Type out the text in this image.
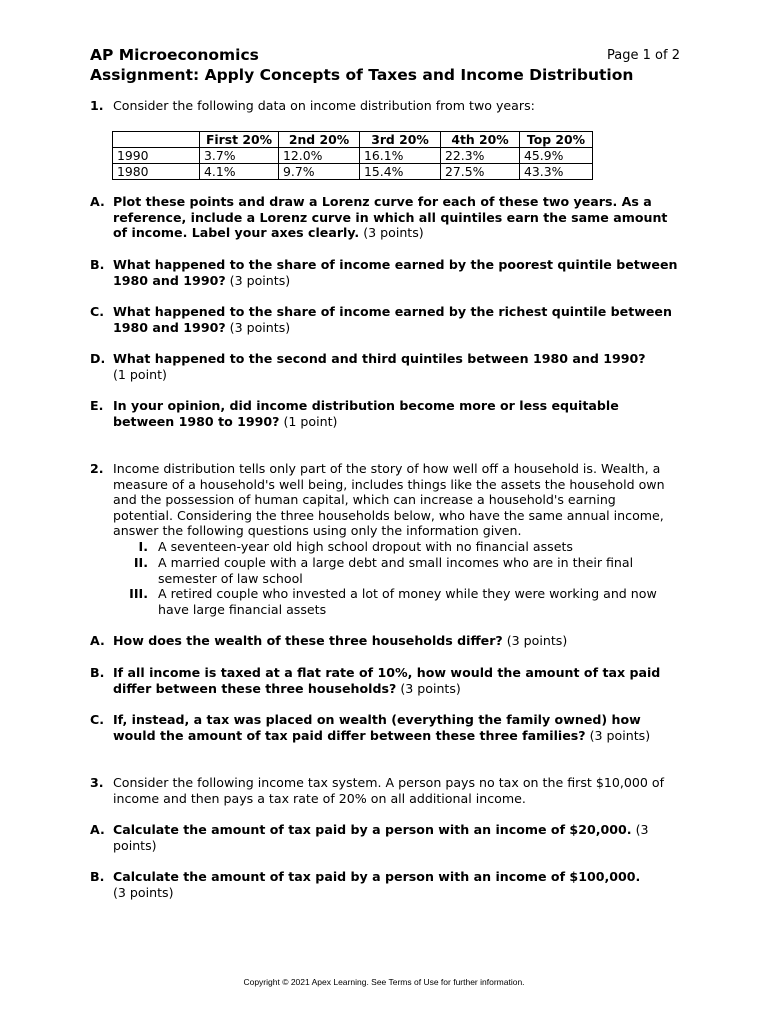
AP Microeconomics	Page 1 of 2
Assignment: Apply Concepts of Taxes and Income Distribution
1. Consider the following data on income distribution from two years:
	First 20%	2nd 20%	3rd 20%	4th 20%	Top 20%
1990	3.7%	12.0%	16.1%	22.3%	45.9%
1980	4.1%	9.7%	15.4%	27.5%	43.3%
A. Plot these points and draw a Lorenz curve for each of these two years. As a reference, include a Lorenz curve in which all quintiles earn the same amount of income. Label your axes clearly. (3 points)
B. What happened to the share of income earned by the poorest quintile between 1980 and 1990? (3 points)
C. What happened to the share of income earned by the richest quintile between 1980 and 1990? (3 points)
D. What happened to the second and third quintiles between 1980 and 1990?
(1 point)
E. In your opinion, did income distribution become more or less equitable between 1980 to 1990? (1 point)
2. Income distribution tells only part of the story of how well off a household is. Wealth, a measure of a household's well being, includes things like the assets the household own and the possession of human capital, which can increase a household's earning potential. Considering the three households below, who have the same annual income, answer the following questions using only the information given.
I. A seventeen-year old high school dropout with no financial assets
II. A married couple with a large debt and small incomes who are in their final semester of law school
III. A retired couple who invested a lot of money while they were working and now have large financial assets
A. How does the wealth of these three households differ? (3 points)
B. If all income is taxed at a flat rate of 10%, how would the amount of tax paid differ between these three households? (3 points)
C. If, instead, a tax was placed on wealth (everything the family owned) how would the amount of tax paid differ between these three families? (3 points)
3. Consider the following income tax system. A person pays no tax on the first $10,000 of income and then pays a tax rate of 20% on all additional income.
A. Calculate the amount of tax paid by a person with an income of $20,000. (3 points)
B. Calculate the amount of tax paid by a person with an income of $100,000.
(3 points)
Copyright © 2021 Apex Learning. See Terms of Use for further information.
